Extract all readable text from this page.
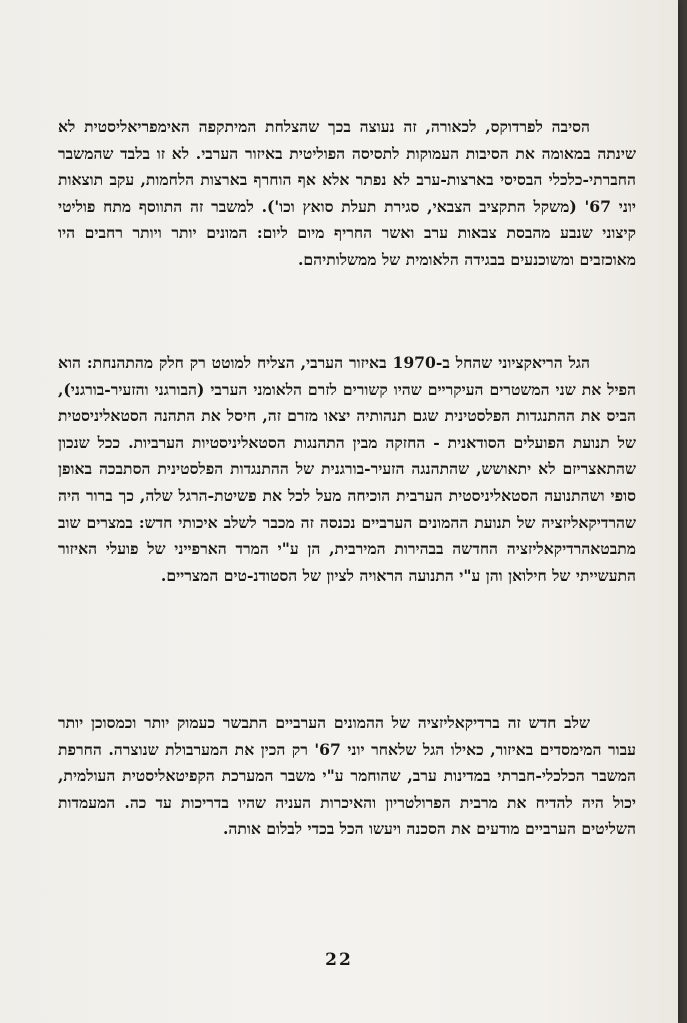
הסיבה לפרדוקס, לכאורה, זה נעוצה בכך שהצלחת המיתקפה האימפריאליסטית לא שינתה במאומה את הסיבות העמוקות לתסיסה הפוליטית באיזור הערבי. לא זו בלבד שהמשבר החברתי-כלכלי הבסיסי בארצות-ערב לא נפתר אלא אף הוחרף בארצות הלחמות, עקב תוצאות יוני 67' (משקל התקציב הצבאי, סגירת תעלת סואץ וכו'). למשבר זה התווסף מתח פוליטי קיצוני שנבע מהבסת צבאות ערב ואשר החריף מיום ליום: המונים יותר ויותר רחבים היו מאוכזבים ומשוכנעים בבגידה הלאומית של ממשלותיהם.

הגל הריאקציוני שהחל ב-1970 באיזור הערבי, הצליח למוטט רק חלק מהתהנחת: הוא הפיל את שני המשטרים העיקריים שהיו קשורים לזרם הלאומני הערבי (הבורגני והזעיר-בורגני), הביס את ההתנגדות הפלסטינית שגם תנהותיה יצאו מזרם זה, חיסל את התהנה הסטאליניסטית של תנועת הפועלים הסודאנית - החזקה מבין התהנגות הסטאליניסטיות הערביות. ככל שנכון שהתאצריזם לא יתאושש, שהתהנגה הזעיר-בורגנית של ההתנגדות הפלסטינית הסתבכה באופן סופי ושהתנועה הסטאליניסטית הערבית הוכיחה מעל לכל את פשיטת-הרגל שלה, כך ברור היה שהרדיקאליזציה של תנועת ההמונים הערביים נכנסה זה מכבר לשלב איכותי חדש: במצרים שוב מתבטאהרדיקאליזציה החדשה בבהירות המירבית, הן ע"י המרד הארפייני של פועלי האיזור התעשייתי של חילואן והן ע"י התנועה הראויה לציון של הסטודנ-טים המצריים.

שלב חדש זה ברדיקאליזציה של ההמונים הערביים התבשר כעמוק יותר וכמסוכן יותר עבור המימסדים באיזור, כאילו הגל שלאחר יוני 67' רק הכין את המערבולת שנוצרה. החרפת המשבר הכלכלי-חברתי במדינות ערב, שהוחמר ע"י משבר המערכת הקפיטאליסטית העולמית, יכול היה להדיח את מרבית הפרולטריון והאיכרות העניה שהיו בדריכות עד כה. המעמדות השליטים הערביים מודעים את הסכנה ויעשו הכל בכדי לבלום אותה.

22
